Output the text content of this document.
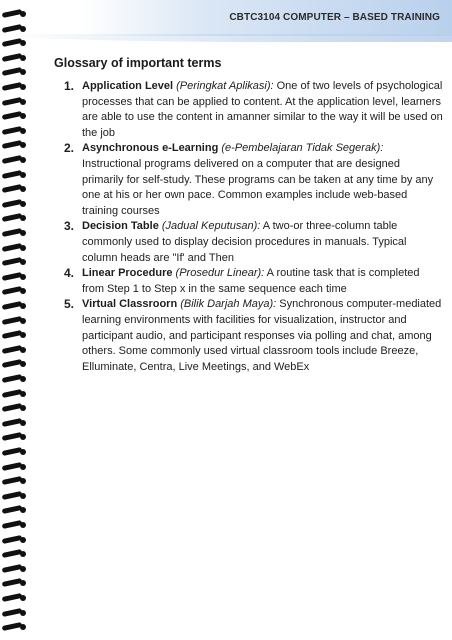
CBTC3104 COMPUTER – BASED TRAINING
Glossary of important terms
1. Application Level (Peringkat Aplikasi): One of two levels of psychological processes that can be applied to content. At the application level, learners are able to use the content in amanner similar to the way it will be used on the job
2. Asynchronous e-Learning (e-Pembelajaran Tidak Segerak): Instructional programs delivered on a computer that are designed primarily for self-study. These programs can be taken at any time by any one at his or her own pace. Common examples include web-based training courses
3. Decision Table (Jadual Keputusan): A two-or three-column table commonly used to display decision procedures in manuals. Typical column heads are "If' and Then
4. Linear Procedure (Prosedur Linear): A routine task that is completed from Step 1 to Step x in the same sequence each time
5. Virtual Classroorn (Bilik Darjah Maya): Synchronous computer-mediated learning environments with facilities for visualization, instructor and participant audio, and participant responses via polling and chat, among others. Some commonly used virtual classroom tools include Breeze, Elluminate, Centra, Live Meetings, and WebEx
